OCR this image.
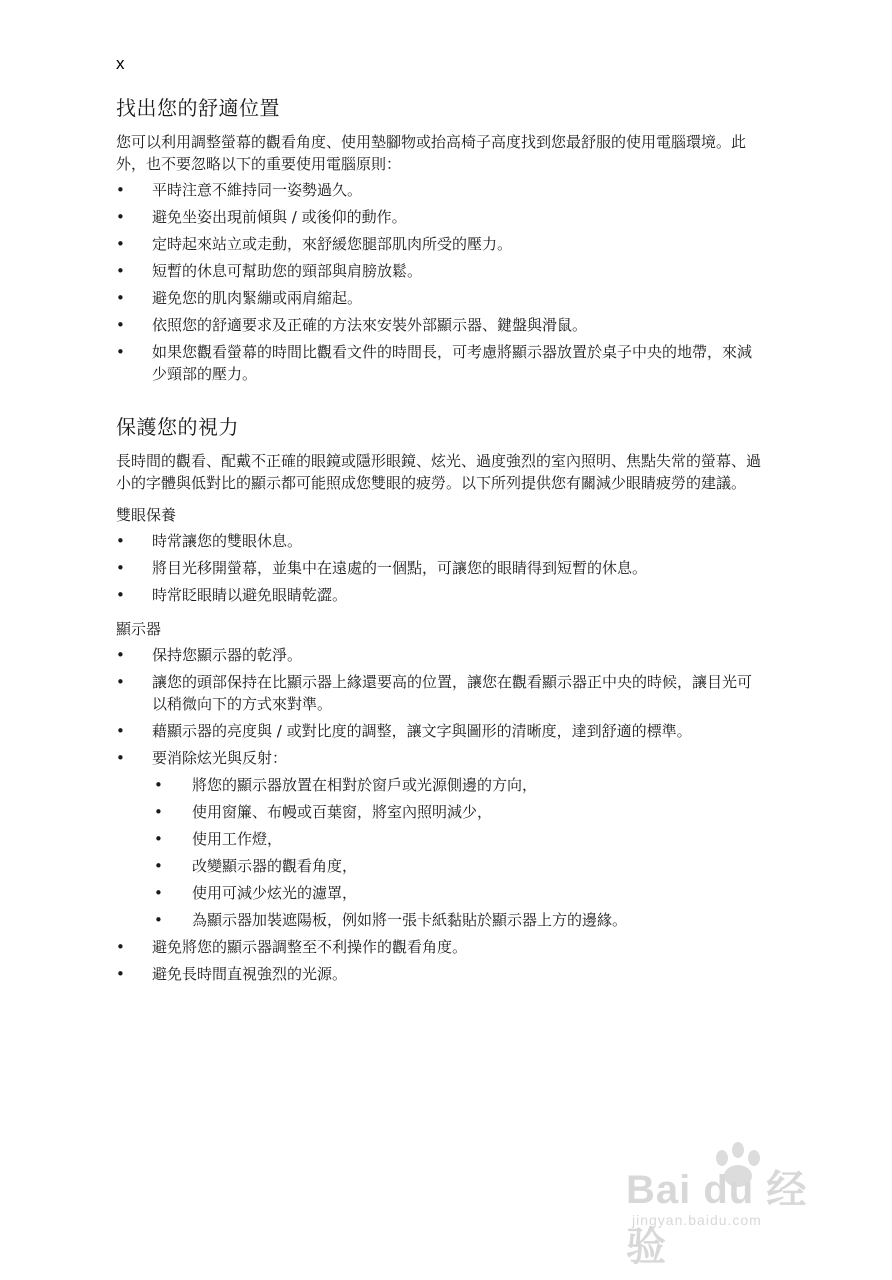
x
找出您的舒適位置

您可以利用調整螢幕的觀看角度、使用墊腳物或抬高椅子高度找到您最舒服的使用電腦環境。此外，也不要忽略以下的重要使用電腦原則：

• 平時注意不維持同一姿勢過久。
• 避免坐姿出現前傾與 / 或後仰的動作。
• 定時起來站立或走動，來舒緩您腿部肌肉所受的壓力。
• 短暫的休息可幫助您的頸部與肩膀放鬆。
• 避免您的肌肉緊繃或兩肩縮起。
• 依照您的舒適要求及正確的方法來安裝外部顯示器、鍵盤與滑鼠。
• 如果您觀看螢幕的時間比觀看文件的時間長，可考慮將顯示器放置於桌子中央的地帶，來減少頸部的壓力。
保護您的視力

長時間的觀看、配戴不正確的眼鏡或隱形眼鏡、炫光、過度強烈的室內照明、焦點失常的螢幕、過小的字體與低對比的顯示都可能照成您雙眼的疲勞。以下所列提供您有關減少眼睛疲勞的建議。

雙眼保養

• 時常讓您的雙眼休息。
• 將目光移開螢幕，並集中在遠處的一個點，可讓您的眼睛得到短暫的休息。
• 時常眨眼睛以避免眼睛乾澀。

顯示器

• 保持您顯示器的乾淨。
• 讓您的頭部保持在比顯示器上緣還要高的位置，讓您在觀看顯示器正中央的時候，讓目光可以稍微向下的方式來對準。
• 藉顯示器的亮度與 / 或對比度的調整，讓文字與圖形的清晰度，達到舒適的標準。
• 要消除炫光與反射：
• 將您的顯示器放置在相對於窗戶或光源側邊的方向，
• 使用窗簾、布幔或百葉窗，將室內照明減少，
• 使用工作燈，
• 改變顯示器的觀看角度，
• 使用可減少炫光的濾罩，
• 為顯示器加裝遮陽板，例如將一張卡紙黏貼於顯示器上方的邊緣。
• 避免將您的顯示器調整至不利操作的觀看角度。
• 避免長時間直視強烈的光源。
Bai du 经验
jingyan.baidu.com
